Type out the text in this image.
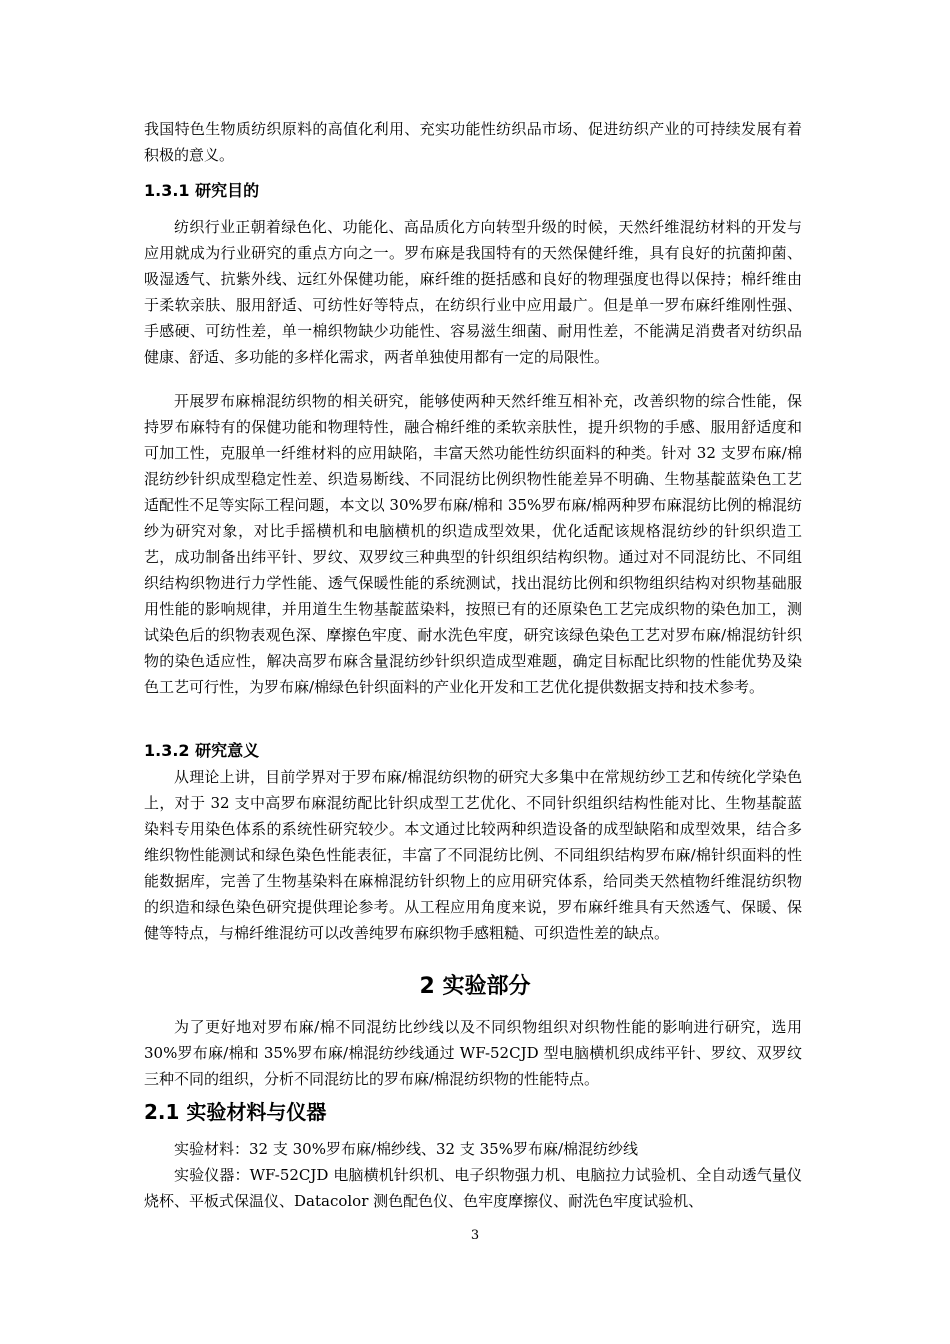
我国特色生物质纺织原料的高值化利用、充实功能性纺织品市场、促进纺织产业的可持续发展有着积极的意义。

1.3.1 研究目的

纺织行业正朝着绿色化、功能化、高品质化方向转型升级的时候，天然纤维混纺材料的开发与应用就成为行业研究的重点方向之一。罗布麻是我国特有的天然保健纤维，具有良好的抗菌抑菌、吸湿透气、抗紫外线、远红外保健功能，麻纤维的挺括感和良好的物理强度也得以保持；棉纤维由于柔软亲肤、服用舒适、可纺性好等特点，在纺织行业中应用最广。但是单一罗布麻纤维刚性强、手感硬、可纺性差，单一棉织物缺少功能性、容易滋生细菌、耐用性差，不能满足消费者对纺织品健康、舒适、多功能的多样化需求，两者单独使用都有一定的局限性。

开展罗布麻棉混纺织物的相关研究，能够使两种天然纤维互相补充，改善织物的综合性能，保持罗布麻特有的保健功能和物理特性，融合棉纤维的柔软亲肤性，提升织物的手感、服用舒适度和可加工性，克服单一纤维材料的应用缺陷，丰富天然功能性纺织面料的种类。针对 32 支罗布麻/棉混纺纱针织成型稳定性差、织造易断线、不同混纺比例织物性能差异不明确、生物基靛蓝染色工艺适配性不足等实际工程问题，本文以 30%罗布麻/棉和 35%罗布麻/棉两种罗布麻混纺比例的棉混纺纱为研究对象，对比手摇横机和电脑横机的织造成型效果，优化适配该规格混纺纱的针织织造工艺，成功制备出纬平针、罗纹、双罗纹三种典型的针织组织结构织物。通过对不同混纺比、不同组织结构织物进行力学性能、透气保暖性能的系统测试，找出混纺比例和织物组织结构对织物基础服用性能的影响规律，并用道生生物基靛蓝染料，按照已有的还原染色工艺完成织物的染色加工，测试染色后的织物表观色深、摩擦色牢度、耐水洗色牢度，研究该绿色染色工艺对罗布麻/棉混纺针织物的染色适应性，解决高罗布麻含量混纺纱针织织造成型难题，确定目标配比织物的性能优势及染色工艺可行性，为罗布麻/棉绿色针织面料的产业化开发和工艺优化提供数据支持和技术参考。

1.3.2 研究意义

从理论上讲，目前学界对于罗布麻/棉混纺织物的研究大多集中在常规纺纱工艺和传统化学染色上，对于 32 支中高罗布麻混纺配比针织成型工艺优化、不同针织组织结构性能对比、生物基靛蓝染料专用染色体系的系统性研究较少。本文通过比较两种织造设备的成型缺陷和成型效果，结合多维织物性能测试和绿色染色性能表征，丰富了不同混纺比例、不同组织结构罗布麻/棉针织面料的性能数据库，完善了生物基染料在麻棉混纺针织物上的应用研究体系，给同类天然植物纤维混纺织物的织造和绿色染色研究提供理论参考。从工程应用角度来说，罗布麻纤维具有天然透气、保暖、保健等特点，与棉纤维混纺可以改善纯罗布麻织物手感粗糙、可织造性差的缺点。

2 实验部分

为了更好地对罗布麻/棉不同混纺比纱线以及不同织物组织对织物性能的影响进行研究，选用 30%罗布麻/棉和 35%罗布麻/棉混纺纱线通过 WF-52CJD 型电脑横机织成纬平针、罗纹、双罗纹三种不同的组织，分析不同混纺比的罗布麻/棉混纺织物的性能特点。

2.1 实验材料与仪器

实验材料：32 支 30%罗布麻/棉纱线、32 支 35%罗布麻/棉混纺纱线

实验仪器：WF-52CJD 电脑横机针织机、电子织物强力机、电脑拉力试验机、全自动透气量仪烧杯、平板式保温仪、Datacolor 测色配色仪、色牢度摩擦仪、耐洗色牢度试验机、

3
